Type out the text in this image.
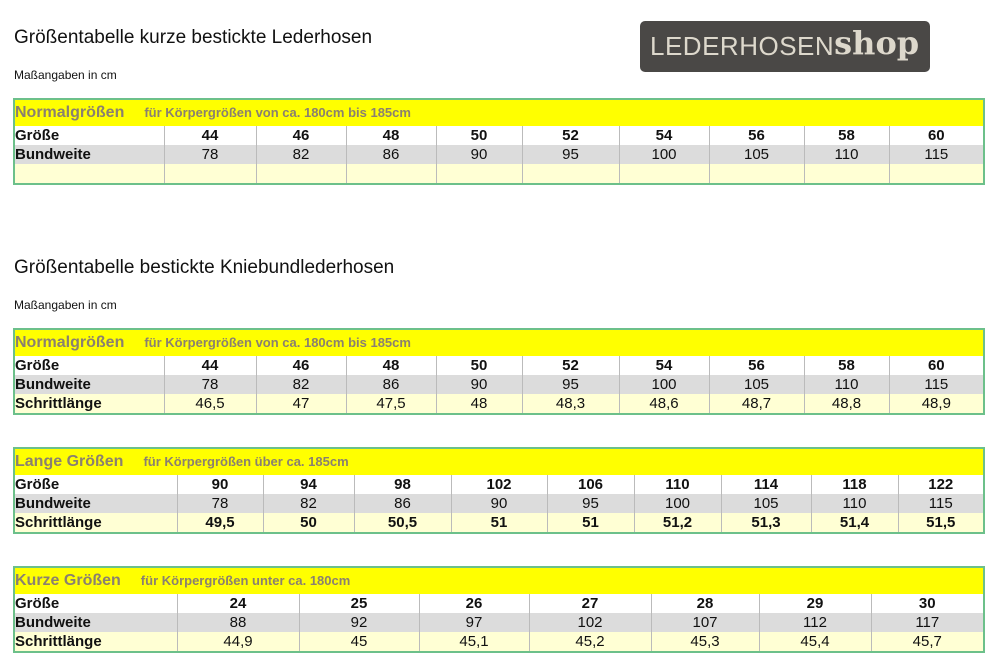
Größentabelle kurze bestickte Lederhosen
Maßangaben in cm
LEDERHOSEN shop
Normalgrößen für Körpergrößen von ca. 180cm bis 185cm									
Größe	44	46	48	50	52	54	56	58	60
Bundweite	78	82	86	90	95	100	105	110	115

Größentabelle bestickte Kniebundlederhosen
Maßangaben in cm
Normalgrößen für Körpergrößen von ca. 180cm bis 185cm									
Größe	44	46	48	50	52	54	56	58	60
Bundweite	78	82	86	90	95	100	105	110	115
Schrittlänge	46,5	47	47,5	48	48,3	48,6	48,7	48,8	48,9
Lange Größen für Körpergrößen über ca. 185cm									
Größe	90	94	98	102	106	110	114	118	122
Bundweite	78	82	86	90	95	100	105	110	115
Schrittlänge	49,5	50	50,5	51	51	51,2	51,3	51,4	51,5
Kurze Größen für Körpergrößen unter ca. 180cm							
Größe	24	25	26	27	28	29	30
Bundweite	88	92	97	102	107	112	117
Schrittlänge	44,9	45	45,1	45,2	45,3	45,4	45,7
